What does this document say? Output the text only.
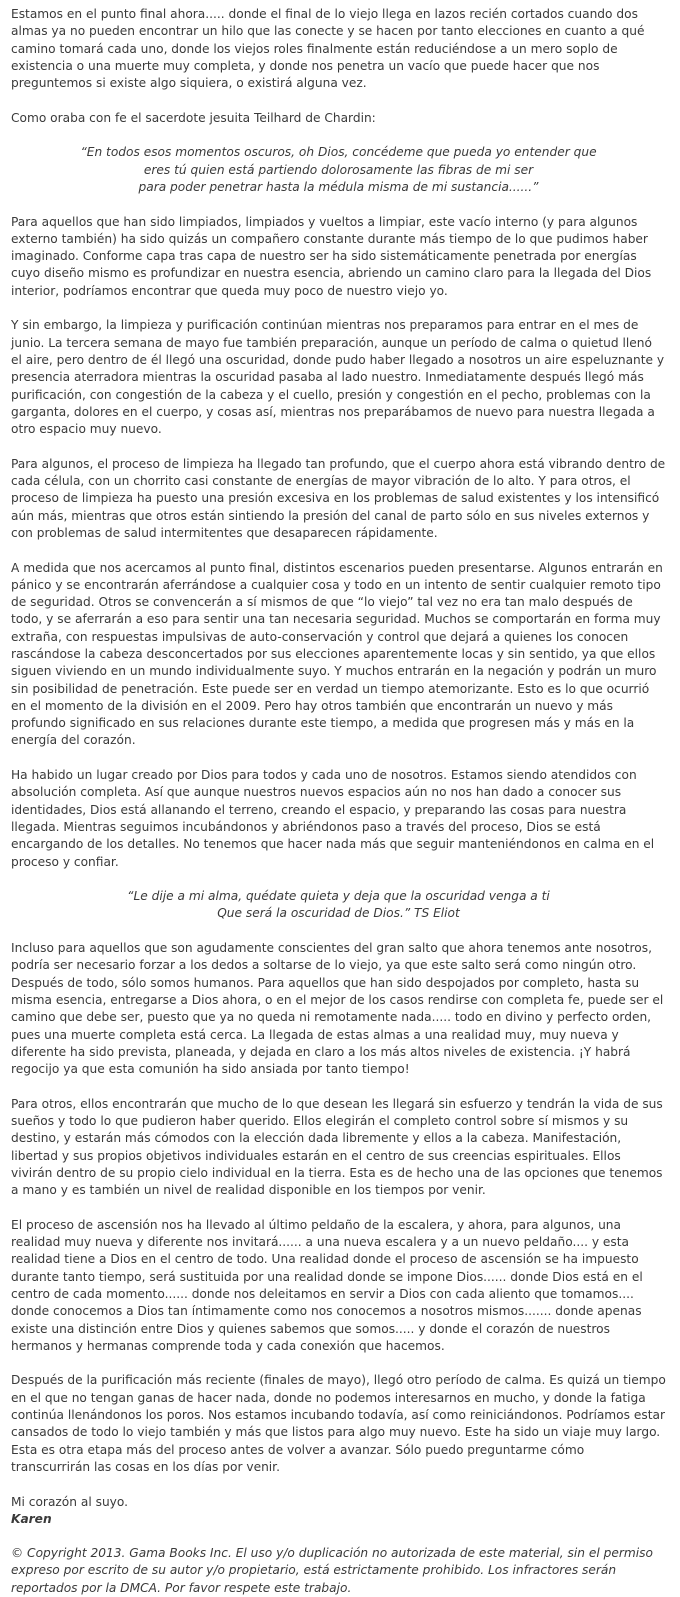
Estamos en el punto final ahora..... donde el final de lo viejo llega en lazos recién cortados cuando dos almas ya no pueden encontrar un hilo que las conecte y se hacen por tanto elecciones en cuanto a qué camino tomará cada uno, donde los viejos roles finalmente están reduciéndose a un mero soplo de existencia o una muerte muy completa, y donde nos penetra un vacío que puede hacer que nos preguntemos si existe algo siquiera, o existirá alguna vez.

Como oraba con fe el sacerdote jesuita Teilhard de Chardin:

“En todos esos momentos oscuros, oh Dios, concédeme que pueda yo entender que
eres tú quien está partiendo dolorosamente las fibras de mi ser
para poder penetrar hasta la médula misma de mi sustancia......”

Para aquellos que han sido limpiados, limpiados y vueltos a limpiar, este vacío interno (y para algunos externo también) ha sido quizás un compañero constante durante más tiempo de lo que pudimos haber imaginado. Conforme capa tras capa de nuestro ser ha sido sistemáticamente penetrada por energías cuyo diseño mismo es profundizar en nuestra esencia, abriendo un camino claro para la llegada del Dios interior, podríamos encontrar que queda muy poco de nuestro viejo yo.

Y sin embargo, la limpieza y purificación continúan mientras nos preparamos para entrar en el mes de junio. La tercera semana de mayo fue también preparación, aunque un período de calma o quietud llenó el aire, pero dentro de él llegó una oscuridad, donde pudo haber llegado a nosotros un aire espeluznante y presencia aterradora mientras la oscuridad pasaba al lado nuestro. Inmediatamente después llegó más purificación, con congestión de la cabeza y el cuello, presión y congestión en el pecho, problemas con la garganta, dolores en el cuerpo, y cosas así, mientras nos preparábamos de nuevo para nuestra llegada a otro espacio muy nuevo.

Para algunos, el proceso de limpieza ha llegado tan profundo, que el cuerpo ahora está vibrando dentro de cada célula, con un chorrito casi constante de energías de mayor vibración de lo alto. Y para otros, el proceso de limpieza ha puesto una presión excesiva en los problemas de salud existentes y los intensificó aún más, mientras que otros están sintiendo la presión del canal de parto sólo en sus niveles externos y con problemas de salud intermitentes que desaparecen rápidamente.

A medida que nos acercamos al punto final, distintos escenarios pueden presentarse. Algunos entrarán en pánico y se encontrarán aferrándose a cualquier cosa y todo en un intento de sentir cualquier remoto tipo de seguridad. Otros se convencerán a sí mismos de que “lo viejo” tal vez no era tan malo después de todo, y se aferrarán a eso para sentir una tan necesaria seguridad. Muchos se comportarán en forma muy extraña, con respuestas impulsivas de auto-conservación y control que dejará a quienes los conocen rascándose la cabeza desconcertados por sus elecciones aparentemente locas y sin sentido, ya que ellos siguen viviendo en un mundo individualmente suyo. Y muchos entrarán en la negación y podrán un muro sin posibilidad de penetración. Este puede ser en verdad un tiempo atemorizante. Esto es lo que ocurrió en el momento de la división en el 2009. Pero hay otros también que encontrarán un nuevo y más profundo significado en sus relaciones durante este tiempo, a medida que progresen más y más en la energía del corazón.

Ha habido un lugar creado por Dios para todos y cada uno de nosotros. Estamos siendo atendidos con absolución completa. Así que aunque nuestros nuevos espacios aún no nos han dado a conocer sus identidades, Dios está allanando el terreno, creando el espacio, y preparando las cosas para nuestra llegada. Mientras seguimos incubándonos y abriéndonos paso a través del proceso, Dios se está encargando de los detalles. No tenemos que hacer nada más que seguir manteniéndonos en calma en el proceso y confiar.

“Le dije a mi alma, quédate quieta y deja que la oscuridad venga a ti
Que será la oscuridad de Dios.” TS Eliot

Incluso para aquellos que son agudamente conscientes del gran salto que ahora tenemos ante nosotros, podría ser necesario forzar a los dedos a soltarse de lo viejo, ya que este salto será como ningún otro. Después de todo, sólo somos humanos. Para aquellos que han sido despojados por completo, hasta su misma esencia, entregarse a Dios ahora, o en el mejor de los casos rendirse con completa fe, puede ser el camino que debe ser, puesto que ya no queda ni remotamente nada..... todo en divino y perfecto orden, pues una muerte completa está cerca. La llegada de estas almas a una realidad muy, muy nueva y diferente ha sido prevista, planeada, y dejada en claro a los más altos niveles de existencia. ¡Y habrá regocijo ya que esta comunión ha sido ansiada por tanto tiempo!

Para otros, ellos encontrarán que mucho de lo que desean les llegará sin esfuerzo y tendrán la vida de sus sueños y todo lo que pudieron haber querido. Ellos elegirán el completo control sobre sí mismos y su destino, y estarán más cómodos con la elección dada libremente y ellos a la cabeza. Manifestación, libertad y sus propios objetivos individuales estarán en el centro de sus creencias espirituales. Ellos vivirán dentro de su propio cielo individual en la tierra. Esta es de hecho una de las opciones que tenemos a mano y es también un nivel de realidad disponible en los tiempos por venir.

El proceso de ascensión nos ha llevado al último peldaño de la escalera, y ahora, para algunos, una realidad muy nueva y diferente nos invitará...... a una nueva escalera y a un nuevo peldaño.... y esta realidad tiene a Dios en el centro de todo. Una realidad donde el proceso de ascensión se ha impuesto durante tanto tiempo, será sustituida por una realidad donde se impone Dios...... donde Dios está en el centro de cada momento...... donde nos deleitamos en servir a Dios con cada aliento que tomamos.... donde conocemos a Dios tan íntimamente como nos conocemos a nosotros mismos....... donde apenas existe una distinción entre Dios y quienes sabemos que somos..... y donde el corazón de nuestros hermanos y hermanas comprende toda y cada conexión que hacemos.

Después de la purificación más reciente (finales de mayo), llegó otro período de calma. Es quizá un tiempo en el que no tengan ganas de hacer nada, donde no podemos interesarnos en mucho, y donde la fatiga continúa llenándonos los poros. Nos estamos incubando todavía, así como reiniciándonos. Podríamos estar cansados de todo lo viejo también y más que listos para algo muy nuevo. Este ha sido un viaje muy largo. Esta es otra etapa más del proceso antes de volver a avanzar. Sólo puedo preguntarme cómo transcurrirán las cosas en los días por venir.

Mi corazón al suyo.

Karen

© Copyright 2013. Gama Books Inc. El uso y/o duplicación no autorizada de este material, sin el permiso expreso por escrito de su autor y/o propietario, está estrictamente prohibido. Los infractores serán reportados por la DMCA. Por favor respete este trabajo.
